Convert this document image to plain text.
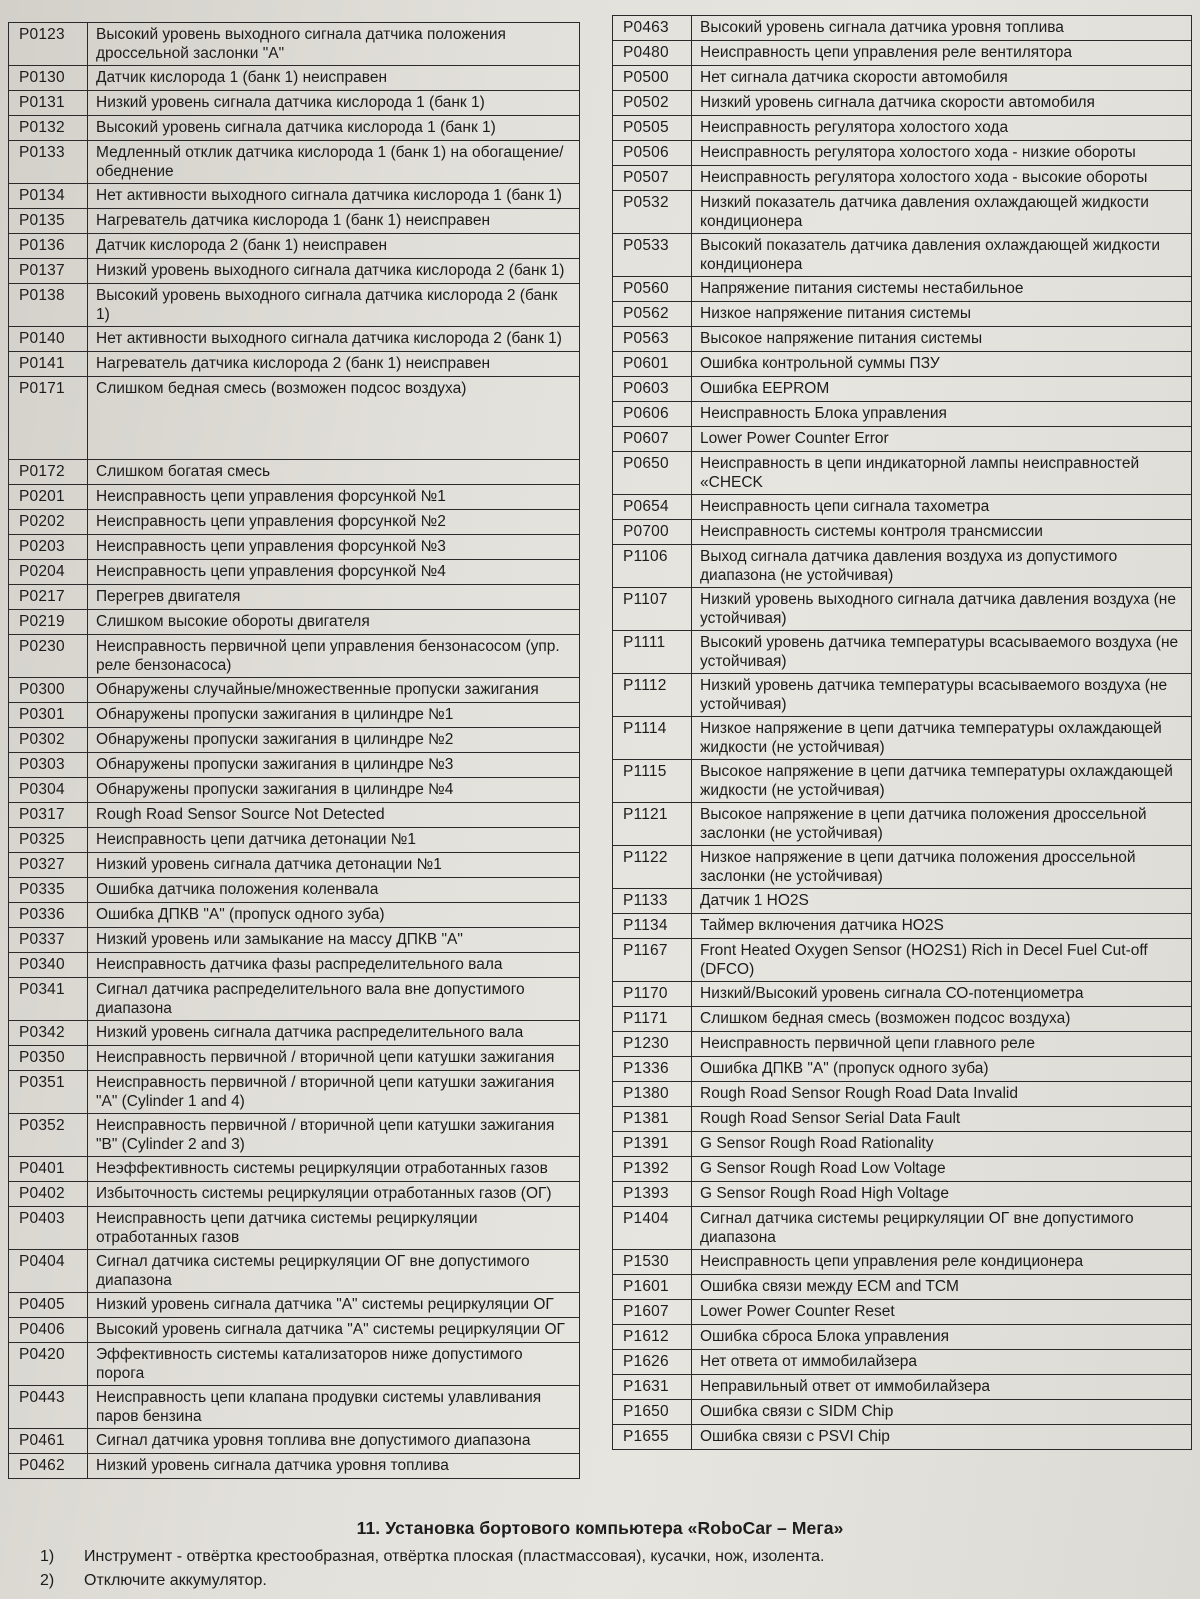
P0123	Высокий уровень выходного сигнала датчика положения дроссельной заслонки "А"
P0130	Датчик кислорода 1 (банк 1) неисправен
P0131	Низкий уровень сигнала датчика кислорода 1 (банк 1)
P0132	Высокий уровень сигнала датчика кислорода 1 (банк 1)
P0133	Медленный отклик датчика кислорода 1 (банк 1) на обогащение/обеднение
P0134	Нет активности выходного сигнала датчика кислорода 1 (банк 1)
P0135	Нагреватель датчика кислорода 1 (банк 1) неисправен
P0136	Датчик кислорода 2 (банк 1) неисправен
P0137	Низкий уровень выходного сигнала датчика кислорода 2 (банк 1)
P0138	Высокий уровень выходного сигнала датчика кислорода 2 (банк 1)
P0140	Нет активности выходного сигнала датчика кислорода 2 (банк 1)
P0141	Нагреватель датчика кислорода 2 (банк 1) неисправен
P0171	Слишком бедная смесь (возможен подсос воздуха)
P0172	Слишком богатая смесь
P0201	Неисправность цепи управления форсункой №1
P0202	Неисправность цепи управления форсункой №2
P0203	Неисправность цепи управления форсункой №3
P0204	Неисправность цепи управления форсункой №4
P0217	Перегрев двигателя
P0219	Слишком высокие обороты двигателя
P0230	Неисправность первичной цепи управления бензонасосом (упр. реле бензонасоса)
P0300	Обнаружены случайные/множественные пропуски зажигания
P0301	Обнаружены пропуски зажигания в цилиндре №1
P0302	Обнаружены пропуски зажигания в цилиндре №2
P0303	Обнаружены пропуски зажигания в цилиндре №3
P0304	Обнаружены пропуски зажигания в цилиндре №4
P0317	Rough Road Sensor Source Not Detected
P0325	Неисправность цепи датчика детонации №1
P0327	Низкий уровень сигнала датчика детонации №1
P0335	Ошибка датчика положения коленвала
P0336	Ошибка ДПКВ "А" (пропуск одного зуба)
P0337	Низкий уровень или замыкание на массу ДПКВ "А"
P0340	Неисправность датчика фазы распределительного вала
P0341	Сигнал датчика распределительного вала вне допустимого диапазона
P0342	Низкий уровень сигнала датчика распределительного вала
P0350	Неисправность первичной / вторичной цепи катушки зажигания
P0351	Неисправность первичной / вторичной цепи катушки зажигания "А" (Cylinder 1 and 4)
P0352	Неисправность первичной / вторичной цепи катушки зажигания "В" (Cylinder 2 and 3)
P0401	Неэффективность системы рециркуляции отработанных газов
P0402	Избыточность системы рециркуляции отработанных газов (ОГ)
P0403	Неисправность цепи датчика системы рециркуляции отработанных газов
P0404	Сигнал датчика системы рециркуляции ОГ вне допустимого диапазона
P0405	Низкий уровень сигнала датчика "А" системы рециркуляции ОГ
P0406	Высокий уровень сигнала датчика "А" системы рециркуляции ОГ
P0420	Эффективность системы катализаторов ниже допустимого порога
P0443	Неисправность цепи клапана продувки системы улавливания паров бензина
P0461	Сигнал датчика уровня топлива вне допустимого диапазона
P0462	Низкий уровень сигнала датчика уровня топлива
P0463	Высокий уровень сигнала датчика уровня топлива
P0480	Неисправность цепи управления реле вентилятора
P0500	Нет сигнала датчика скорости автомобиля
P0502	Низкий уровень сигнала датчика скорости автомобиля
P0505	Неисправность регулятора холостого хода
P0506	Неисправность регулятора холостого хода - низкие обороты
P0507	Неисправность регулятора холостого хода - высокие обороты
P0532	Низкий показатель датчика давления охлаждающей жидкости кондиционера
P0533	Высокий показатель датчика давления охлаждающей жидкости кондиционера
P0560	Напряжение питания системы нестабильное
P0562	Низкое напряжение питания системы
P0563	Высокое напряжение питания системы
P0601	Ошибка контрольной суммы ПЗУ
P0603	Ошибка EEPROM
P0606	Неисправность Блока управления
P0607	Lower Power Counter Error
P0650	Неисправность в цепи индикаторной лампы неисправностей «CHECK
P0654	Неисправность цепи сигнала тахометра
P0700	Неисправность системы контроля трансмиссии
P1106	Выход сигнала датчика давления воздуха из допустимого диапазона (не устойчивая)
P1107	Низкий уровень выходного сигнала датчика давления воздуха (не устойчивая)
P1111	Высокий уровень датчика температуры всасываемого воздуха (не устойчивая)
P1112	Низкий уровень датчика температуры всасываемого воздуха (не устойчивая)
P1114	Низкое напряжение в цепи датчика температуры охлаждающей жидкости (не устойчивая)
P1115	Высокое напряжение в цепи датчика температуры охлаждающей жидкости (не устойчивая)
P1121	Высокое напряжение в цепи датчика положения дроссельной заслонки (не устойчивая)
P1122	Низкое напряжение в цепи датчика положения дроссельной заслонки (не устойчивая)
P1133	Датчик 1 HO2S
P1134	Таймер включения датчика HO2S
P1167	Front Heated Oxygen Sensor (HO2S1) Rich in Decel Fuel Cut-off (DFCO)
P1170	Низкий/Высокий уровень сигнала СО-потенциометра
P1171	Слишком бедная смесь (возможен подсос воздуха)
P1230	Неисправность первичной цепи главного реле
P1336	Ошибка ДПКВ "А" (пропуск одного зуба)
P1380	Rough Road Sensor Rough Road Data Invalid
P1381	Rough Road Sensor Serial Data Fault
P1391	G Sensor Rough Road Rationality
P1392	G Sensor Rough Road Low Voltage
P1393	G Sensor Rough Road High Voltage
P1404	Сигнал датчика системы рециркуляции ОГ вне допустимого диапазона
P1530	Неисправность цепи управления реле кондиционера
P1601	Ошибка связи между ЕСМ and TCM
P1607	Lower Power Counter Reset
P1612	Ошибка сброса Блока управления
P1626	Нет ответа от иммобилайзера
P1631	Неправильный ответ от иммобилайзера
P1650	Ошибка связи с SIDM Chip
P1655	Ошибка связи с PSVI Chip
11. Установка бортового компьютера «RoboCar – Мега»
1)	Инструмент - отвёртка крестообразная, отвёртка плоская (пластмассовая), кусачки, нож, изолента.
2)	Отключите аккумулятор.
